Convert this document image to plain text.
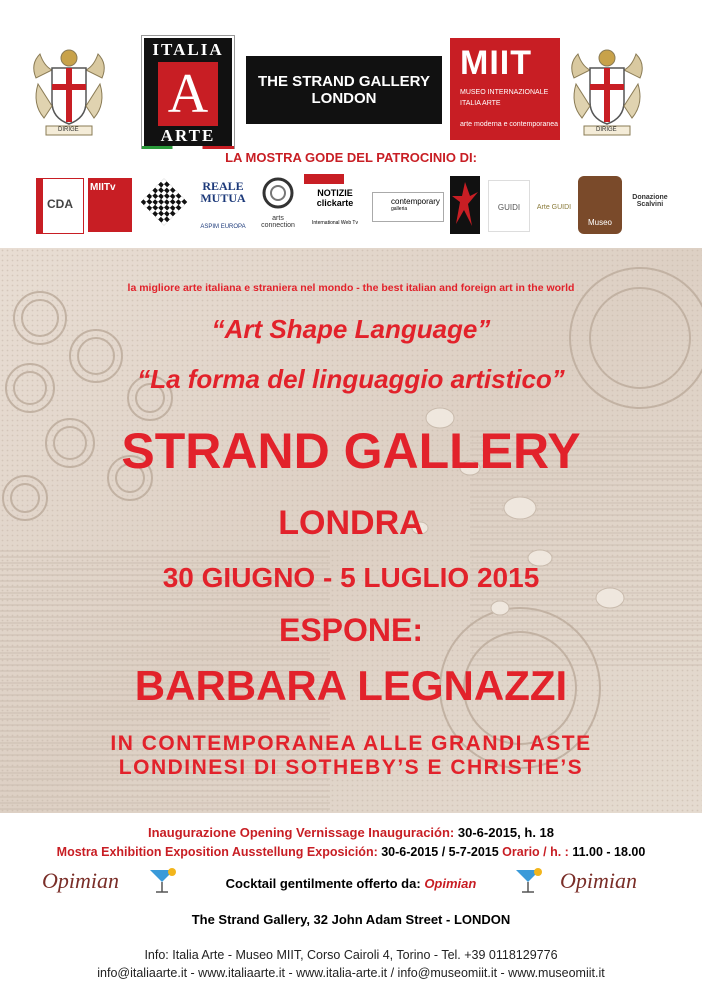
DIRIGE
ITALIA
A
ARTE
THE STRAND GALLERY
LONDON
MIIT
MUSEO INTERNAZIONALE
ITALIA ARTE
arte moderna e contemporanea
DIRIGE
LA MOSTRA GODE DEL PATROCINIO DI:
CDA
MIITv	REALE MUTUA
ASPIM EUROPA
arts connection
NOTIZIE clickarte
International Web Tv
contemporary
galleria	GUIDI	Arte GUIDI
Museo
Donazione Scalvini
la migliore arte italiana e straniera nel mondo - the best italian and foreign art in the world
“Art Shape Language”
“La forma del linguaggio artistico”
STRAND GALLERY
LONDRA
30 GIUGNO - 5 LUGLIO 2015
ESPONE:
BARBARA LEGNAZZI
IN CONTEMPORANEA ALLE GRANDI ASTE
LONDINESI DI SOTHEBY’S E CHRISTIE’S
Inaugurazione Opening Vernissage Inauguración: 30-6-2015, h. 18
Mostra Exhibition Exposition Ausstellung Exposición: 30-6-2015 / 5-7-2015 Orario / h. : 11.00 - 18.00
Opimian	Cocktail gentilmente offerto da: Opimian	Opimian
The Strand Gallery, 32 John Adam Street - LONDON
Info: Italia Arte - Museo MIIT, Corso Cairoli 4, Torino - Tel. +39 0118129776
info@italiaarte.it - www.italiaarte.it - www.italia-arte.it / info@museomiit.it - www.museomiit.it
